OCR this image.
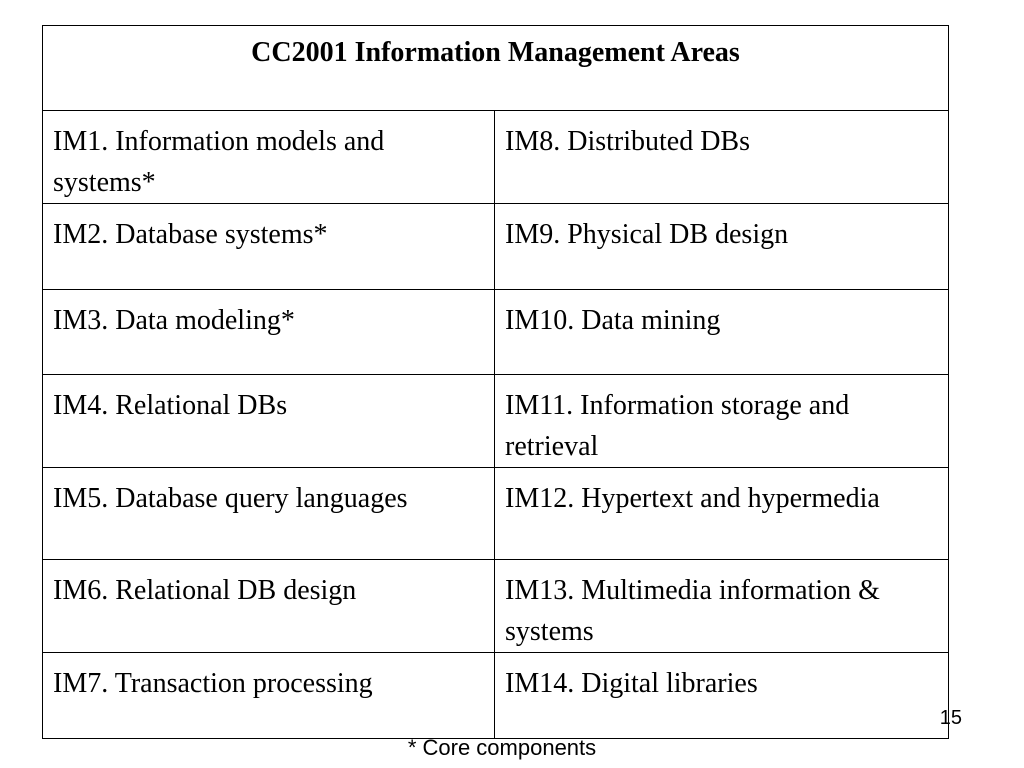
CC2001 Information Management Areas	
IM1. Information models and systems*	IM8. Distributed DBs
IM2. Database systems*	IM9. Physical DB design
IM3. Data modeling*	IM10. Data mining
IM4. Relational DBs	IM11. Information storage and retrieval
IM5. Database query languages	IM12. Hypertext and hypermedia
IM6. Relational DB design	IM13. Multimedia information & systems
IM7. Transaction processing	IM14. Digital libraries
15
* Core components
